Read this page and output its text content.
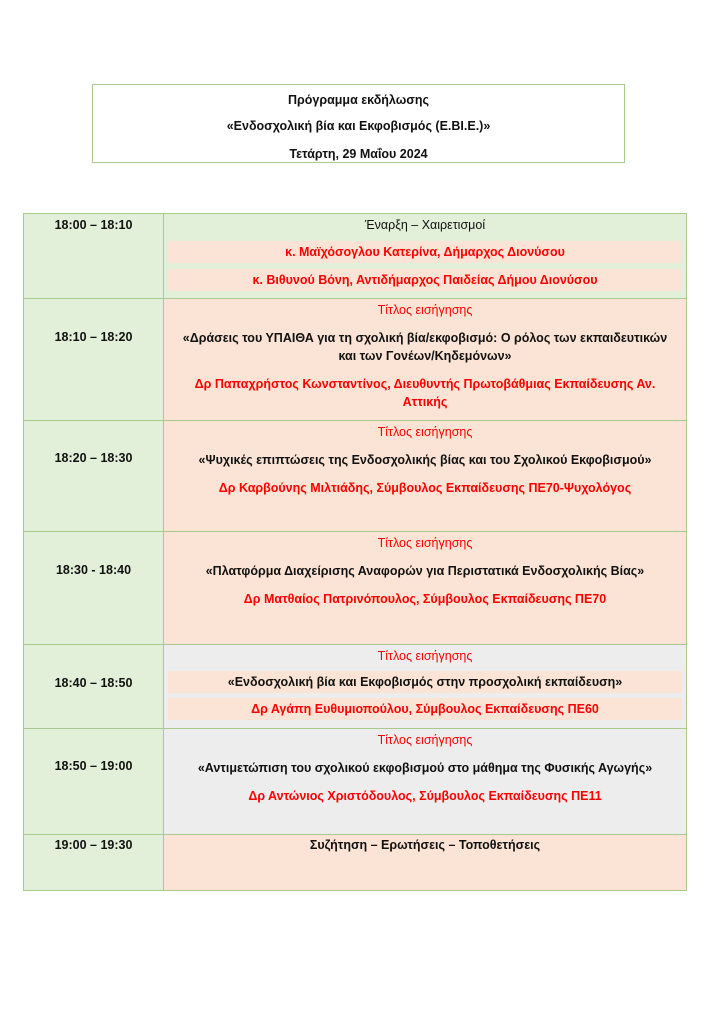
Πρόγραμμα εκδήλωσης
«Ενδοσχολική βία και Εκφοβισμός (Ε.ΒΙ.Ε.)»
Τετάρτη, 29 Μαΐου 2024
18:00 – 18:10	Έναρξη – Χαιρετισμοί
κ. Μαϊχόσογλου Κατερίνα, Δήμαρχος Διονύσου
κ. Βιθυνού Βόνη, Αντιδήμαρχος Παιδείας Δήμου Διονύσου

18:10 – 18:20	Τίτλος εισήγησης
«Δράσεις του ΥΠΑΙΘΑ για τη σχολική βία/εκφοβισμό: Ο ρόλος των εκπαιδευτικών
και των Γονέων/Κηδεμόνων»
Δρ Παπαχρήστος Κωνσταντίνος, Διευθυντής Πρωτοβάθμιας Εκπαίδευσης Αν.
Αττικής

18:20 – 18:30	Τίτλος εισήγησης
«Ψυχικές επιπτώσεις της Ενδοσχολικής βίας και του Σχολικού Εκφοβισμού»
Δρ Καρβούνης Μιλτιάδης, Σύμβουλος Εκπαίδευσης ΠΕ70-Ψυχολόγος

18:30 - 18:40	Τίτλος εισήγησης
«Πλατφόρμα Διαχείρισης Αναφορών για Περιστατικά Ενδοσχολικής Βίας»
Δρ Ματθαίος Πατρινόπουλος, Σύμβουλος Εκπαίδευσης ΠΕ70

18:40 – 18:50	Τίτλος εισήγησης
«Ενδοσχολική βία και Εκφοβισμός στην προσχολική εκπαίδευση»
Δρ Αγάπη Ευθυμιοπούλου, Σύμβουλος Εκπαίδευσης ΠΕ60

18:50 – 19:00	Τίτλος εισήγησης
«Αντιμετώπιση του σχολικού εκφοβισμού στο μάθημα της Φυσικής Αγωγής»
Δρ Αντώνιος Χριστόδουλος, Σύμβουλος Εκπαίδευσης ΠΕ11

19:00 – 19:30	Συζήτηση – Ερωτήσεις – Τοποθετήσεις
